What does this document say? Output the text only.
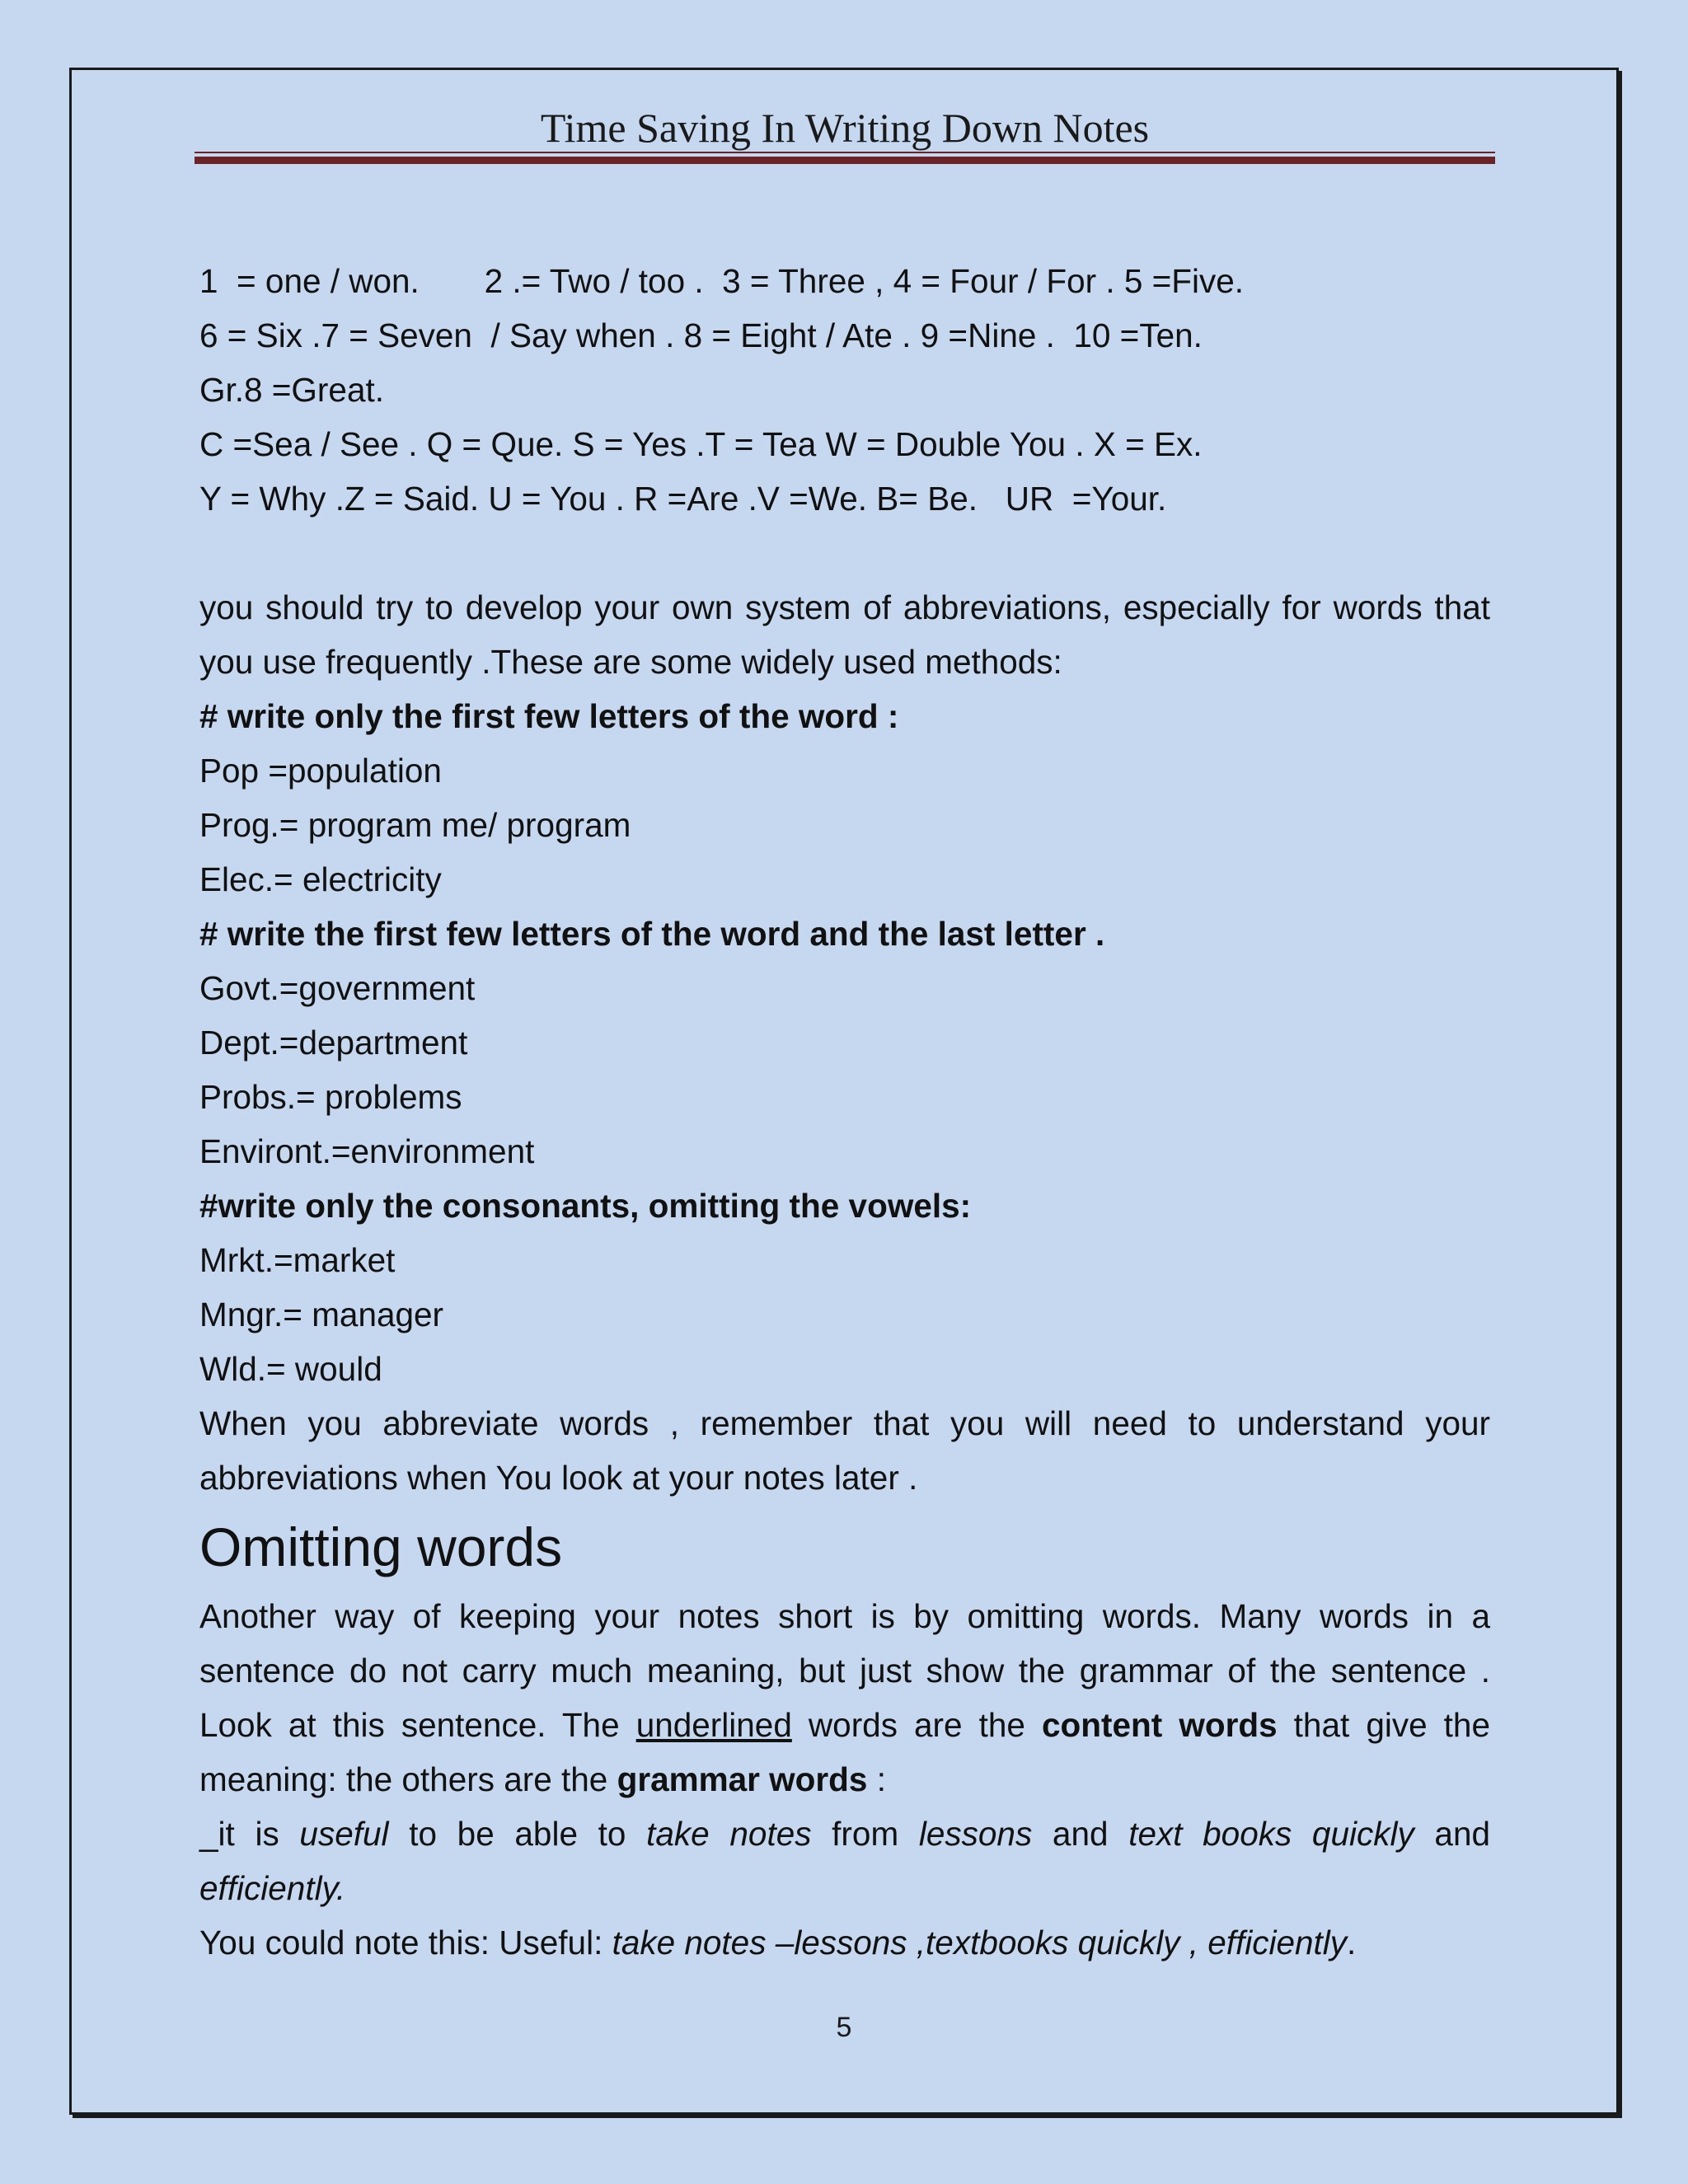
Time Saving In Writing Down Notes

1  = one / won.       2 .= Two / too .  3 = Three , 4 = Four / For . 5 =Five.

6 = Six .7 = Seven  / Say when . 8 = Eight / Ate . 9 =Nine .  10 =Ten.

Gr.8 =Great.

C =Sea / See . Q = Que. S = Yes .T = Tea W = Double You . X = Ex.

Y = Why .Z = Said. U = You . R =Are .V =We. B= Be.   UR  =Your.

you should try to develop your own system of abbreviations, especially for words that you use frequently .These are some widely used methods:

# write only the first few letters of the word :

Pop =population

Prog.= program me/ program

Elec.= electricity

# write the first few letters of the word and the last letter .

Govt.=government

Dept.=department

Probs.= problems

Environt.=environment

#write only the consonants, omitting the vowels:

Mrkt.=market

Mngr.= manager

Wld.= would

When you abbreviate words , remember that you will need to understand your abbreviations when You look at your notes later .

Omitting words

Another way of keeping your notes short is by omitting words. Many words in a sentence do not carry much meaning, but just show the grammar of the sentence . Look at this sentence. The underlined words are the content words that give the meaning: the others are the grammar words :

_it is useful to be able to take notes from lessons and text books quickly and

efficiently.

You could note this: Useful: take notes –lessons ,textbooks quickly , efficiently.

5
